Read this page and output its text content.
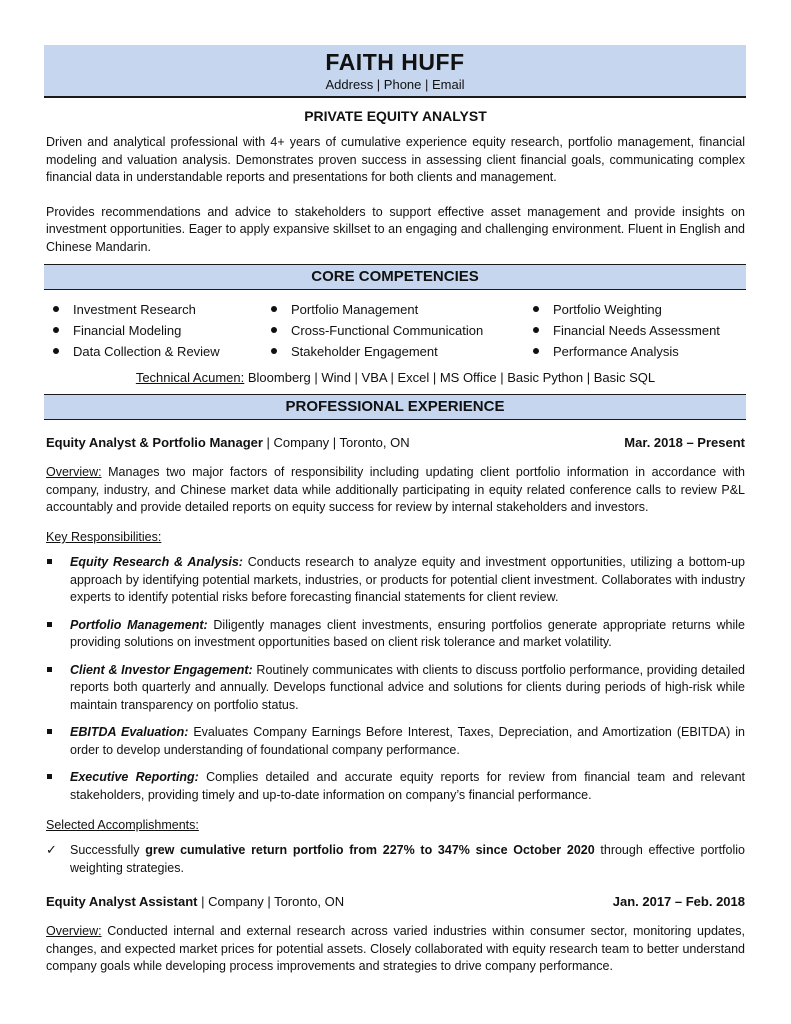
FAITH HUFF
Address | Phone | Email
PRIVATE EQUITY ANALYST

Driven and analytical professional with 4+ years of cumulative experience equity research, portfolio management, financial modeling and valuation analysis. Demonstrates proven success in assessing client financial goals, communicating complex financial data in understandable reports and presentations for both clients and management.

Provides recommendations and advice to stakeholders to support effective asset management and provide insights on investment opportunities. Eager to apply expansive skillset to an engaging and challenging environment. Fluent in English and Chinese Mandarin.

CORE COMPETENCIES
Investment Research
Financial Modeling
Data Collection & Review
Portfolio Management
Cross-Functional Communication
Stakeholder Engagement
Portfolio Weighting
Financial Needs Assessment
Performance Analysis
Technical Acumen: Bloomberg | Wind | VBA | Excel | MS Office | Basic Python | Basic SQL
PROFESSIONAL EXPERIENCE
Equity Analyst & Portfolio Manager | Company | Toronto, ON	Mar. 2018 – Present

Overview: Manages two major factors of responsibility including updating client portfolio information in accordance with company, industry, and Chinese market data while additionally participating in equity related conference calls to review P&L accountably and provide detailed reports on equity success for review by internal stakeholders and investors.

Key Responsibilities:
Equity Research & Analysis: Conducts research to analyze equity and investment opportunities, utilizing a bottom-up approach by identifying potential markets, industries, or products for potential client investment. Collaborates with industry experts to identify potential risks before forecasting financial statements for client review.
Portfolio Management: Diligently manages client investments, ensuring portfolios generate appropriate returns while providing solutions on investment opportunities based on client risk tolerance and market volatility.
Client & Investor Engagement: Routinely communicates with clients to discuss portfolio performance, providing detailed reports both quarterly and annually. Develops functional advice and solutions for clients during periods of high-risk while maintain transparency on portfolio status.
EBITDA Evaluation: Evaluates Company Earnings Before Interest, Taxes, Depreciation, and Amortization (EBITDA) in order to develop understanding of foundational company performance.
Executive Reporting: Complies detailed and accurate equity reports for review from financial team and relevant stakeholders, providing timely and up-to-date information on company’s financial performance.
Selected Accomplishments:
✓ Successfully grew cumulative return portfolio from 227% to 347% since October 2020 through effective portfolio weighting strategies.
Equity Analyst Assistant | Company | Toronto, ON	Jan. 2017 – Feb. 2018

Overview: Conducted internal and external research across varied industries within consumer sector, monitoring updates, changes, and expected market prices for potential assets. Closely collaborated with equity research team to better understand company goals while developing process improvements and strategies to drive company performance.
